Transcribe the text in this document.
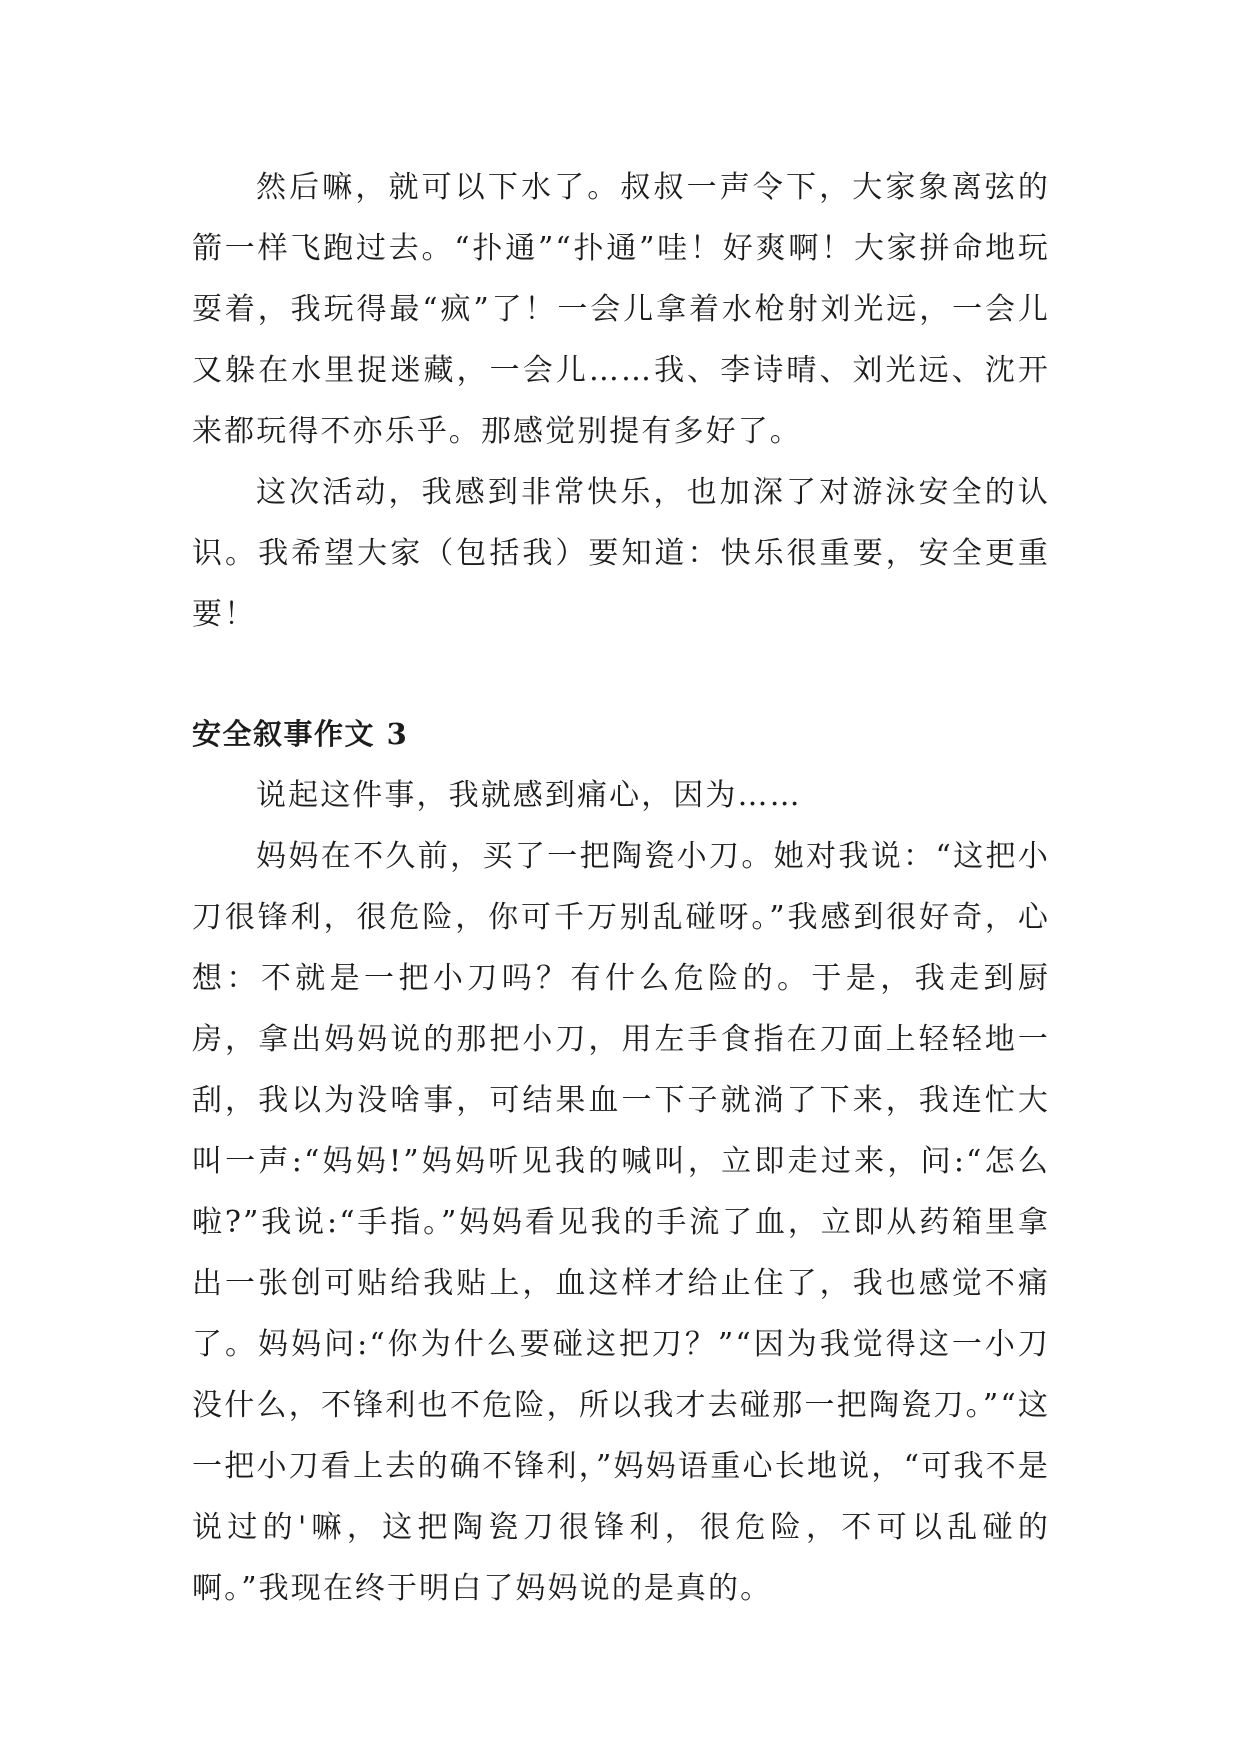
然后嘛，就可以下水了。叔叔一声令下，大家象离弦的箭一样飞跑过去。“扑通”“扑通”哇！好爽啊！大家拼命地玩耍着，我玩得最“疯”了！一会儿拿着水枪射刘光远，一会儿又躲在水里捉迷藏，一会儿……我、李诗晴、刘光远、沈开来都玩得不亦乐乎。那感觉别提有多好了。

这次活动，我感到非常快乐，也加深了对游泳安全的认识。我希望大家（包括我）要知道：快乐很重要，安全更重要！

安全叙事作文 3

说起这件事，我就感到痛心，因为……

妈妈在不久前，买了一把陶瓷小刀。她对我说：“这把小刀很锋利，很危险，你可千万别乱碰呀。”我感到很好奇，心想：不就是一把小刀吗？有什么危险的。于是，我走到厨房，拿出妈妈说的那把小刀，用左手食指在刀面上轻轻地一刮，我以为没啥事，可结果血一下子就淌了下来，我连忙大叫一声:“妈妈!”妈妈听见我的喊叫，立即走过来，问:“怎么啦?”我说:“手指。”妈妈看见我的手流了血，立即从药箱里拿出一张创可贴给我贴上，血这样才给止住了，我也感觉不痛了。妈妈问:“你为什么要碰这把刀？”“因为我觉得这一小刀没什么，不锋利也不危险，所以我才去碰那一把陶瓷刀。”“这一把小刀看上去的确不锋利，”妈妈语重心长地说，“可我不是说过的'嘛，这把陶瓷刀很锋利，很危险，不可以乱碰的啊。”我现在终于明白了妈妈说的是真的。
